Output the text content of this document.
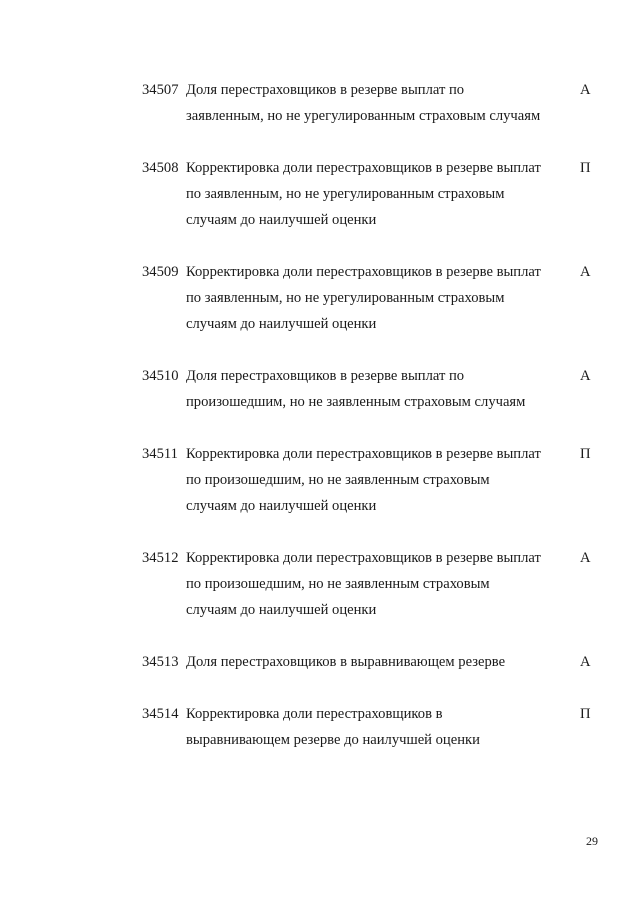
34507 Доля перестраховщиков в резерве выплат по
заявленным, но не урегулированным страховым случаям
А
34508 Корректировка доли перестраховщиков в резерве выплат
по заявленным, но не урегулированным страховым
случаям до наилучшей оценки
П
34509 Корректировка доли перестраховщиков в резерве выплат
по заявленным, но не урегулированным страховым
случаям до наилучшей оценки
А
34510 Доля перестраховщиков в резерве выплат по
произошедшим, но не заявленным страховым случаям
А
34511 Корректировка доли перестраховщиков в резерве выплат
по произошедшим, но не заявленным страховым
случаям до наилучшей оценки
П
34512 Корректировка доли перестраховщиков в резерве выплат
по произошедшим, но не заявленным страховым
случаям до наилучшей оценки
А
34513 Доля перестраховщиков в выравнивающем резерве	А
34514 Корректировка доли перестраховщиков в
выравнивающем резерве до наилучшей оценки
П
29
